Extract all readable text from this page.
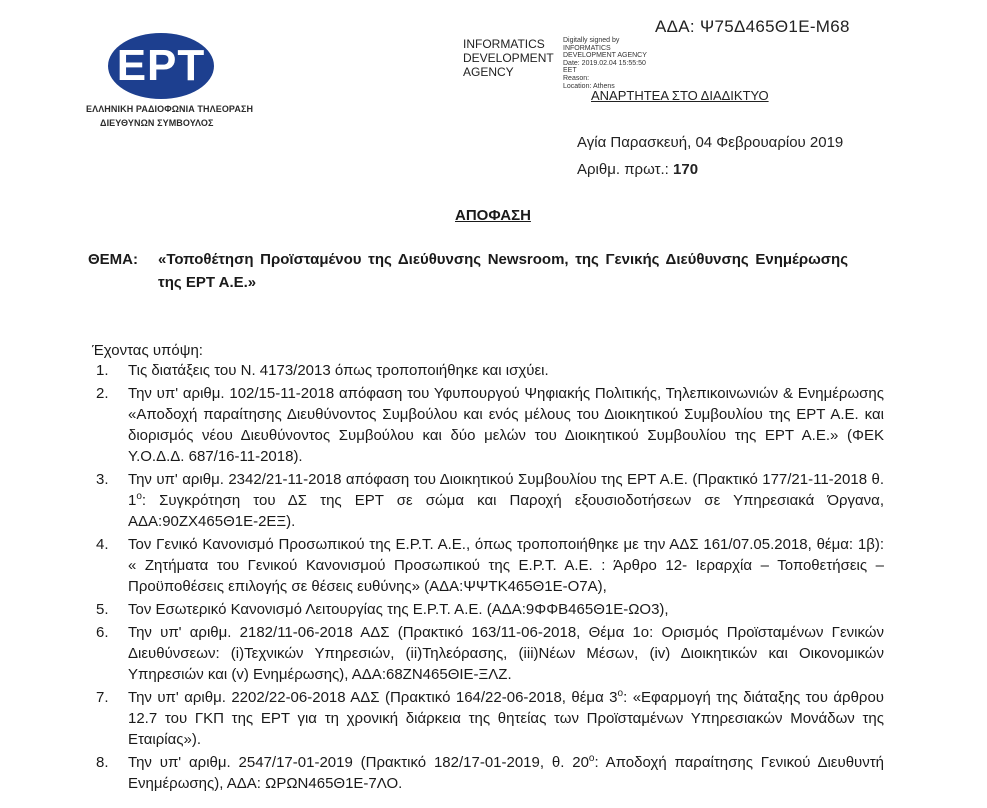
EPT
ΕΛΛΗΝΙΚΗ ΡΑΔΙΟΦΩΝΙΑ ΤΗΛΕΟΡΑΣΗ
ΔΙΕΥΘΥΝΩΝ ΣΥΜΒΟΥΛΟΣ
ΑΔΑ: Ψ75Δ465Θ1Ε-Μ68
INFORMATICS DEVELOPMENT AGENCY
Digitally signed by
INFORMATICS
DEVELOPMENT AGENCY
Date: 2019.02.04 15:55:50
EET
Reason:
Location: Athens
ΑΝΑΡΤΗΤΕΑ ΣΤΟ ΔΙΑΔΙΚΤΥΟ
Αγία Παρασκευή, 04 Φεβρουαρίου 2019
Αριθμ. πρωτ.: 170
ΑΠΟΦΑΣΗ
ΘΕΜΑ:	«Τοποθέτηση Προϊσταμένου της Διεύθυνσης Newsroom, της Γενικής Διεύθυνσης Ενημέρωσης της ΕΡΤ Α.Ε.»
Έχοντας υπόψη:
1. Τις διατάξεις του Ν. 4173/2013 όπως τροποποιήθηκε και ισχύει.
2. Την υπ' αριθμ. 102/15-11-2018 απόφαση του Υφυπουργού Ψηφιακής Πολιτικής, Τηλεπικοινωνιών & Ενημέρωσης «Αποδοχή παραίτησης Διευθύνοντος Συμβούλου και ενός μέλους του Διοικητικού Συμβουλίου της ΕΡΤ Α.Ε. και διορισμός νέου Διευθύνοντος Συμβούλου και δύο μελών του Διοικητικού Συμβουλίου της ΕΡΤ Α.Ε.» (ΦΕΚ Υ.Ο.Δ.Δ. 687/16-11-2018).
3. Την υπ' αριθμ. 2342/21-11-2018 απόφαση του Διοικητικού Συμβουλίου της ΕΡΤ Α.Ε. (Πρακτικό 177/21-11-2018 θ. $1^o$: Συγκρότηση του ΔΣ της ΕΡΤ σε σώμα και Παροχή εξουσιοδοτήσεων σε Υπηρεσιακά Όργανα, ΑΔΑ:90ΖΧ465Θ1Ε-2ΕΞ).
4. Τον Γενικό Κανονισμό Προσωπικού της Ε.Ρ.Τ. Α.Ε., όπως τροποποιήθηκε με την ΑΔΣ 161/07.05.2018, θέμα: 1β): « Ζητήματα του Γενικού Κανονισμού Προσωπικού της Ε.Ρ.Τ. Α.Ε. : Άρθρο 12- Ιεραρχία – Τοποθετήσεις –Προϋποθέσεις επιλογής σε θέσεις ευθύνης» (ΑΔΑ:ΨΨΤΚ465Θ1Ε-Ο7Α),
5. Τον Εσωτερικό Κανονισμό Λειτουργίας της Ε.Ρ.Τ. Α.Ε. (ΑΔΑ:9ΦΦΒ465Θ1Ε-ΩΟ3),
6. Την υπ' αριθμ. 2182/11-06-2018 ΑΔΣ (Πρακτικό 163/11-06-2018, Θέμα 1ο: Ορισμός Προϊσταμένων Γενικών Διευθύνσεων: (i)Τεχνικών Υπηρεσιών, (ii)Τηλεόρασης, (iii)Νέων Μέσων, (iv) Διοικητικών και Οικονομικών Υπηρεσιών και (v) Ενημέρωσης), ΑΔΑ:68ΖΝ465ΘΙΕ-ΞΛΖ.
7. Την υπ' αριθμ. 2202/22-06-2018 ΑΔΣ (Πρακτικό 164/22-06-2018, θέμα $3^o$: «Εφαρμογή της διάταξης του άρθρου 12.7 του ΓΚΠ της ΕΡΤ για τη χρονική διάρκεια της θητείας των Προϊσταμένων Υπηρεσιακών Μονάδων της Εταιρίας»).
8. Την υπ' αριθμ. 2547/17-01-2019 (Πρακτικό 182/17-01-2019, θ. $20^o$: Αποδοχή παραίτησης Γενικού Διευθυντή Ενημέρωσης), ΑΔΑ: ΩΡΩΝ465Θ1Ε-7ΛΟ.
